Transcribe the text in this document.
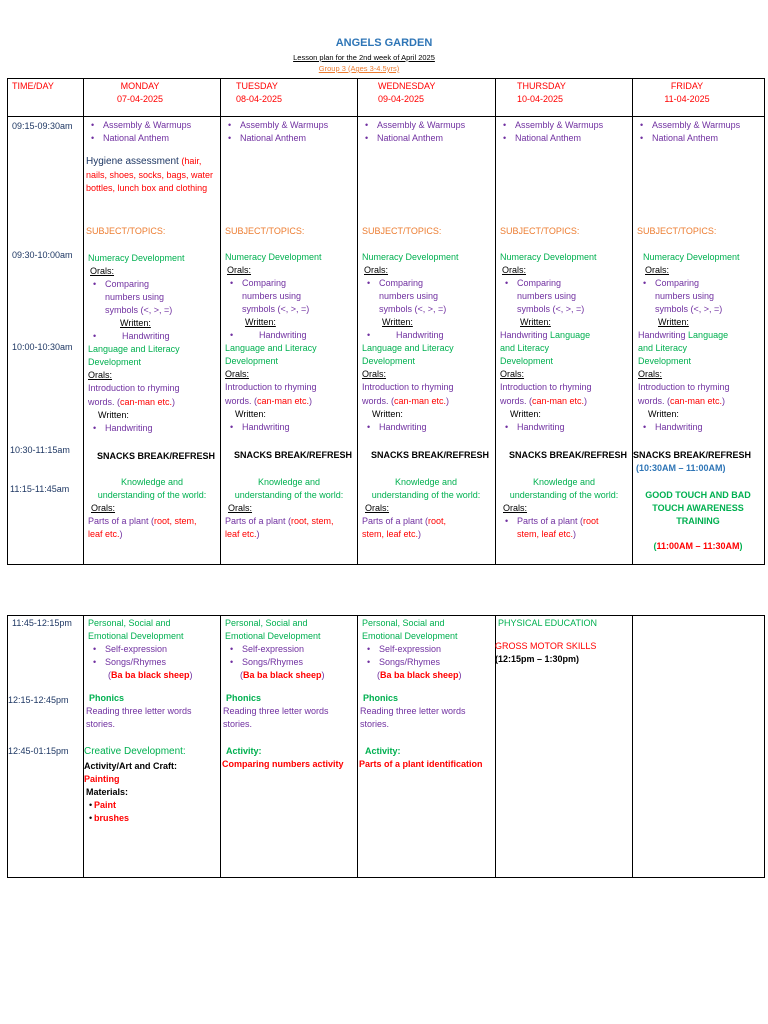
ANGELS GARDEN
Lesson plan for the 2nd week of April 2025
Group 3 (Ages 3-4.5yrs)
TIME/DAY	MONDAY
07-04-2025
TUESDAY
08-04-2025
WEDNESDAY
09-04-2025
THURSDAY
10-04-2025
FRIDAY
11-04-2025
09:15-09:30am
09:30-10:00am
10:00-10:30am
10:30-11:15am
11:15-11:45am
• Assembly & Warmups
• National Anthem
Hygiene assessment (hair, nails, shoes, socks, bags, water bottles, lunch box and clothing
SUBJECT/TOPICS:
Numeracy Development
Orals:
• Comparing
numbers using
symbols (<, >, =)
Written:
• Handwriting
Language and Literacy
Development
Orals:
Introduction to rhyming
words. (can-man etc.)
Written:
• Handwriting
SNACKS BREAK/REFRESH
Knowledge and
understanding of the world:
Orals:
Parts of a plant (root, stem,
leaf etc.)
• Assembly & Warmups
• National Anthem
SUBJECT/TOPICS:
Numeracy Development
Orals:
• Comparing
numbers using
symbols (<, >, =)
Written:
• Handwriting
Language and Literacy
Development
Orals:
Introduction to rhyming
words. (can-man etc.)
Written:
• Handwriting
SNACKS BREAK/REFRESH
Knowledge and
understanding of the world:
Orals:
Parts of a plant (root, stem,
leaf etc.)
• Assembly & Warmups
• National Anthem
SUBJECT/TOPICS:
Numeracy Development
Orals:
• Comparing
numbers using
symbols (<, >, =)
Written:
• Handwriting
Language and Literacy
Development
Orals:
Introduction to rhyming
words. (can-man etc.)
Written:
• Handwriting
SNACKS BREAK/REFRESH
Knowledge and
understanding of the world:
Orals:
Parts of a plant (root,
stem, leaf etc.)
• Assembly & Warmups
• National Anthem
SUBJECT/TOPICS:
Numeracy Development
Orals:
• Comparing
numbers using
symbols (<, >, =)
Written:
Handwriting Language
and Literacy
Development
Orals:
Introduction to rhyming
words. (can-man etc.)
Written:
• Handwriting
SNACKS BREAK/REFRESH
Knowledge and
understanding of the world:
Orals:
• Parts of a plant (root
stem, leaf etc.)
• Assembly & Warmups
• National Anthem
SUBJECT/TOPICS:
Numeracy Development
Orals:
• Comparing
numbers using
symbols (<, >, =)
Written:
Handwriting Language
and Literacy
Development
Orals:
Introduction to rhyming
words. (can-man etc.)
Written:
• Handwriting
SNACKS BREAK/REFRESH
(10:30AM – 11:00AM)
GOOD TOUCH AND BAD
TOUCH AWARENESS
TRAINING
(11:00AM – 11:30AM)
11:45-12:15pm
12:15-12:45pm
12:45-01:15pm
Personal, Social and
Emotional Development
• Self-expression
• Songs/Rhymes
(Ba ba black sheep)
Phonics
Reading three letter words
stories.
Creative Development:
Activity/Art and Craft:
Painting
Materials:
• Paint
• brushes
Personal, Social and
Emotional Development
• Self-expression
• Songs/Rhymes
(Ba ba black sheep)
Phonics
Reading three letter words
stories.
Activity:
Comparing numbers activity
Personal, Social and
Emotional Development
• Self-expression
• Songs/Rhymes
(Ba ba black sheep)
Phonics
Reading three letter words
stories.
Activity:
Parts of a plant identification
PHYSICAL EDUCATION
GROSS MOTOR SKILLS
(12:15pm – 1:30pm)
